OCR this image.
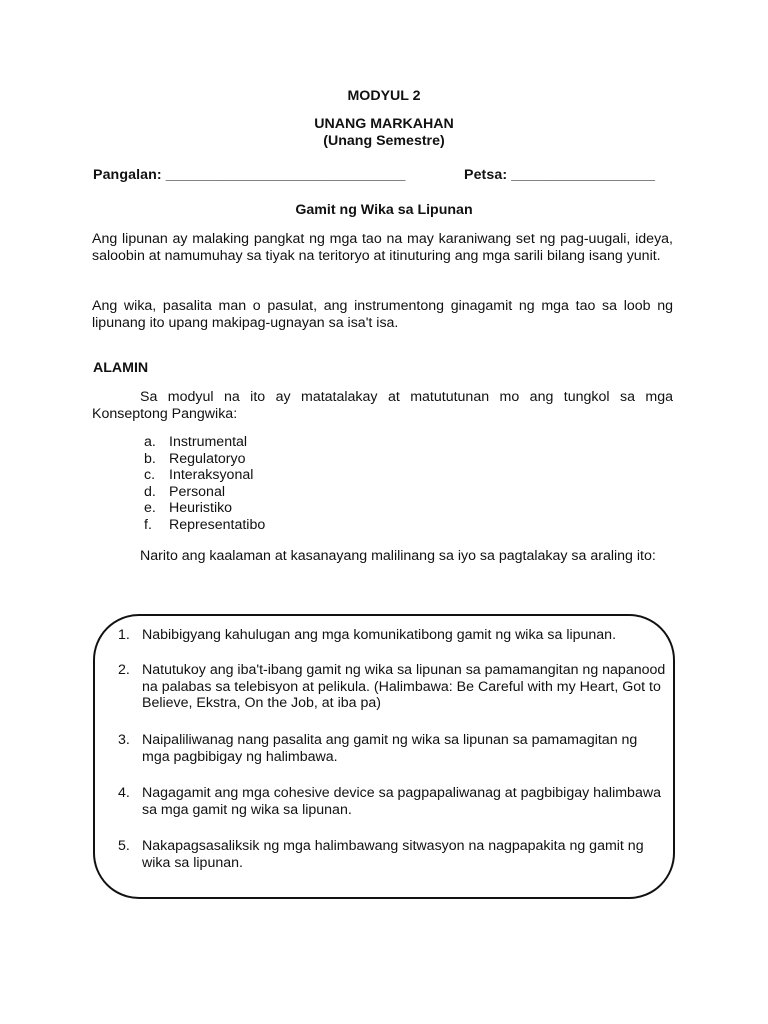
MODYUL 2
UNANG MARKAHAN
(Unang Semestre)
Pangalan: ______________________________	Petsa: __________________
Gamit ng Wika sa Lipunan

Ang lipunan ay malaking pangkat ng mga tao na may karaniwang set ng pag-uugali, ideya, saloobin at namumuhay sa tiyak na teritoryo at itinuturing ang mga sarili bilang isang yunit.

Ang wika, pasalita man o pasulat, ang instrumentong ginagamit ng mga tao sa loob ng lipunang ito upang makipag-ugnayan sa isa't isa.

ALAMIN

Sa modyul na ito ay matatalakay at matututunan mo ang tungkol sa mga Konseptong Pangwika:

a. Instrumental
b. Regulatoryo
c. Interaksyonal
d. Personal
e. Heuristiko
f. Representatibo

Narito ang kaalaman at kasanayang malilinang sa iyo sa pagtalakay sa araling ito:

1. Nabibigyang kahulugan ang mga komunikatibong gamit ng wika sa lipunan.
2. Natutukoy ang iba't-ibang gamit ng wika sa lipunan sa pamamangitan ng napanood na palabas sa telebisyon at pelikula. (Halimbawa: Be Careful with my Heart, Got to Believe, Ekstra, On the Job, at iba pa)
3. Naipaliliwanag nang pasalita ang gamit ng wika sa lipunan sa pamamagitan ng mga pagbibigay ng halimbawa.
4. Nagagamit ang mga cohesive device sa pagpapaliwanag at pagbibigay halimbawa sa mga gamit ng wika sa lipunan.
5. Nakapagsasaliksik ng mga halimbawang sitwasyon na nagpapakita ng gamit ng wika sa lipunan.
